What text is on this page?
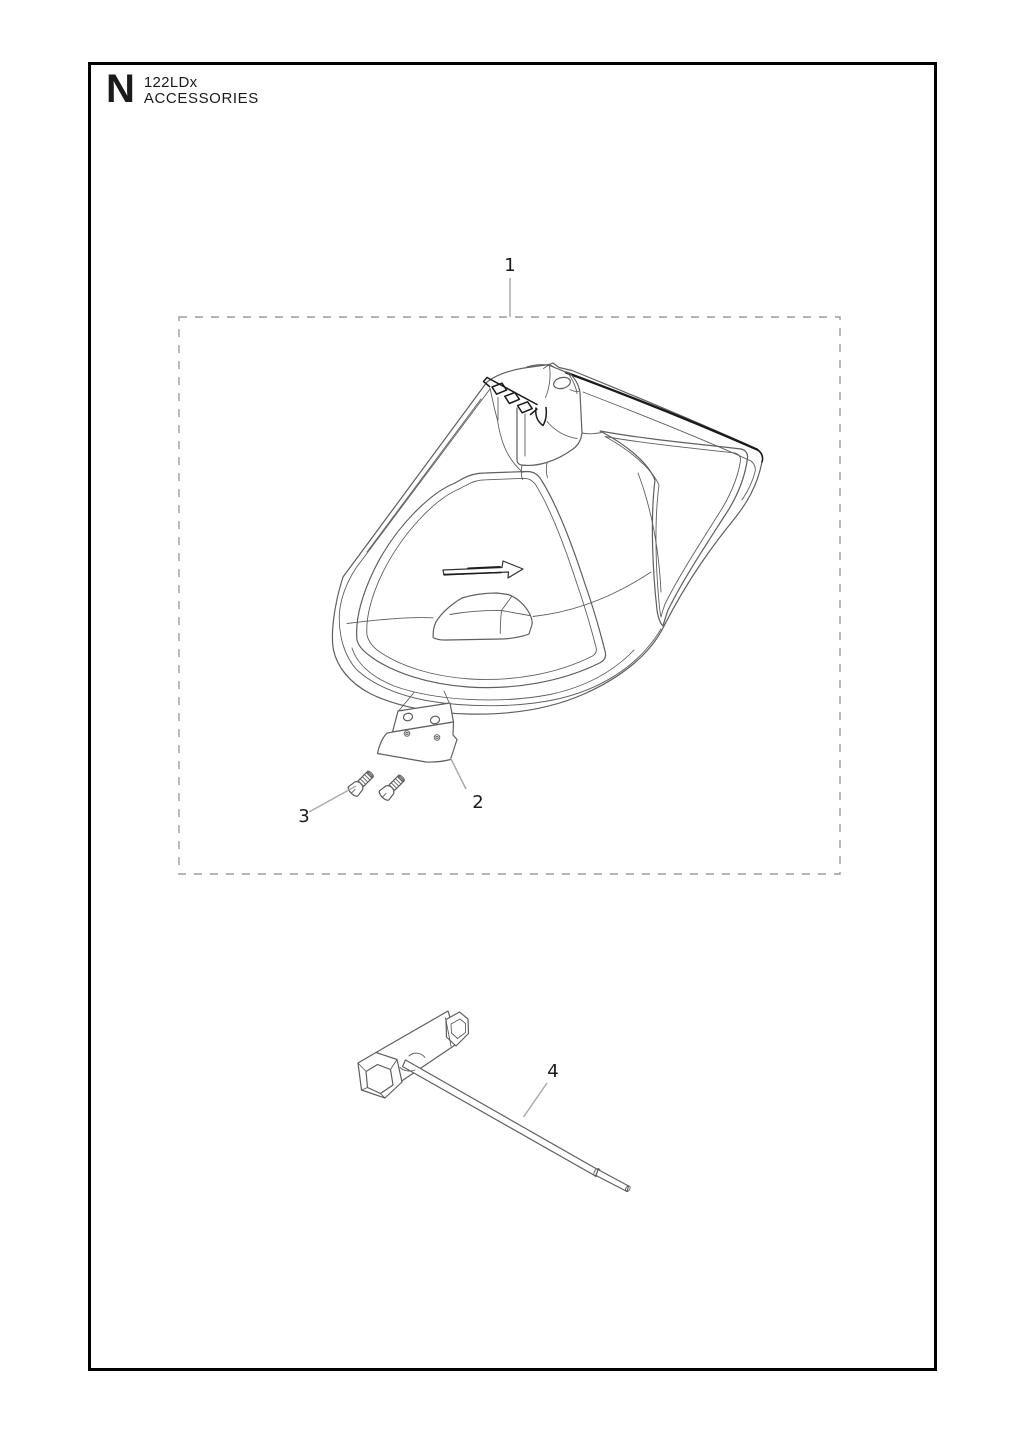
N 122LDx
ACCESSORIES
1
2
3
4
